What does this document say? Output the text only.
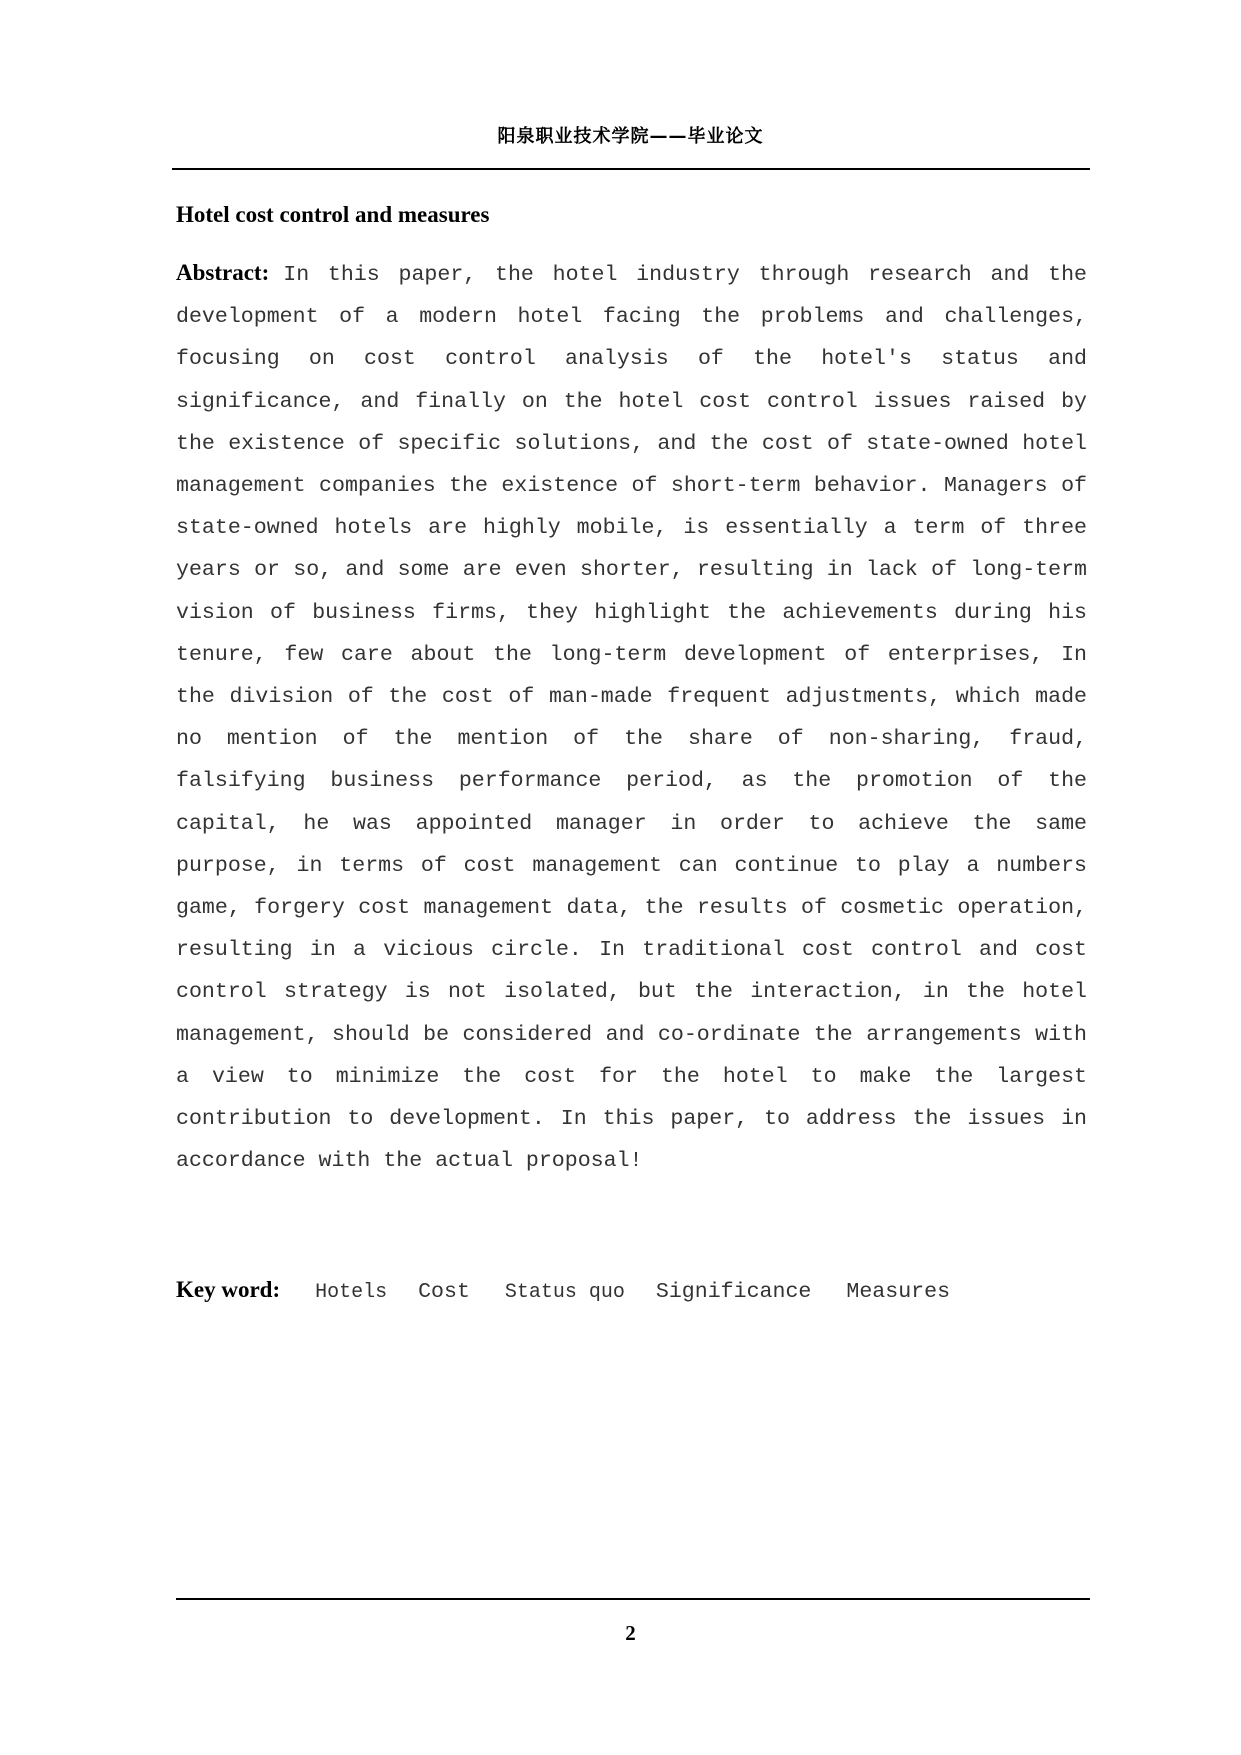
阳泉职业技术学院——毕业论文
Hotel cost control and measures
Abstract: In this paper, the hotel industry through research and the development of a modern hotel facing the problems and challenges, focusing on cost control analysis of the hotel's status and significance, and finally on the hotel cost control issues raised by the existence of specific solutions, and the cost of state-owned hotel management companies the existence of short-term behavior. Managers of state-owned hotels are highly mobile, is essentially a term of three years or so, and some are even shorter, resulting in lack of long-term vision of business firms, they highlight the achievements during his tenure, few care about the long-term development of enterprises, In the division of the cost of man-made frequent adjustments, which made no mention of the mention of the share of non-sharing, fraud, falsifying business performance period, as the promotion of the capital, he was appointed manager in order to achieve the same purpose, in terms of cost management can continue to play a numbers game, forgery cost management data, the results of cosmetic operation, resulting in a vicious circle. In traditional cost control and cost control strategy is not isolated, but the interaction, in the hotel management, should be considered and co-ordinate the arrangements with a view to minimize the cost for the hotel to make the largest contribution to development. In this paper, to address the issues in accordance with the actual proposal!
Key word: Hotels Cost Status quo Significance Measures
2
